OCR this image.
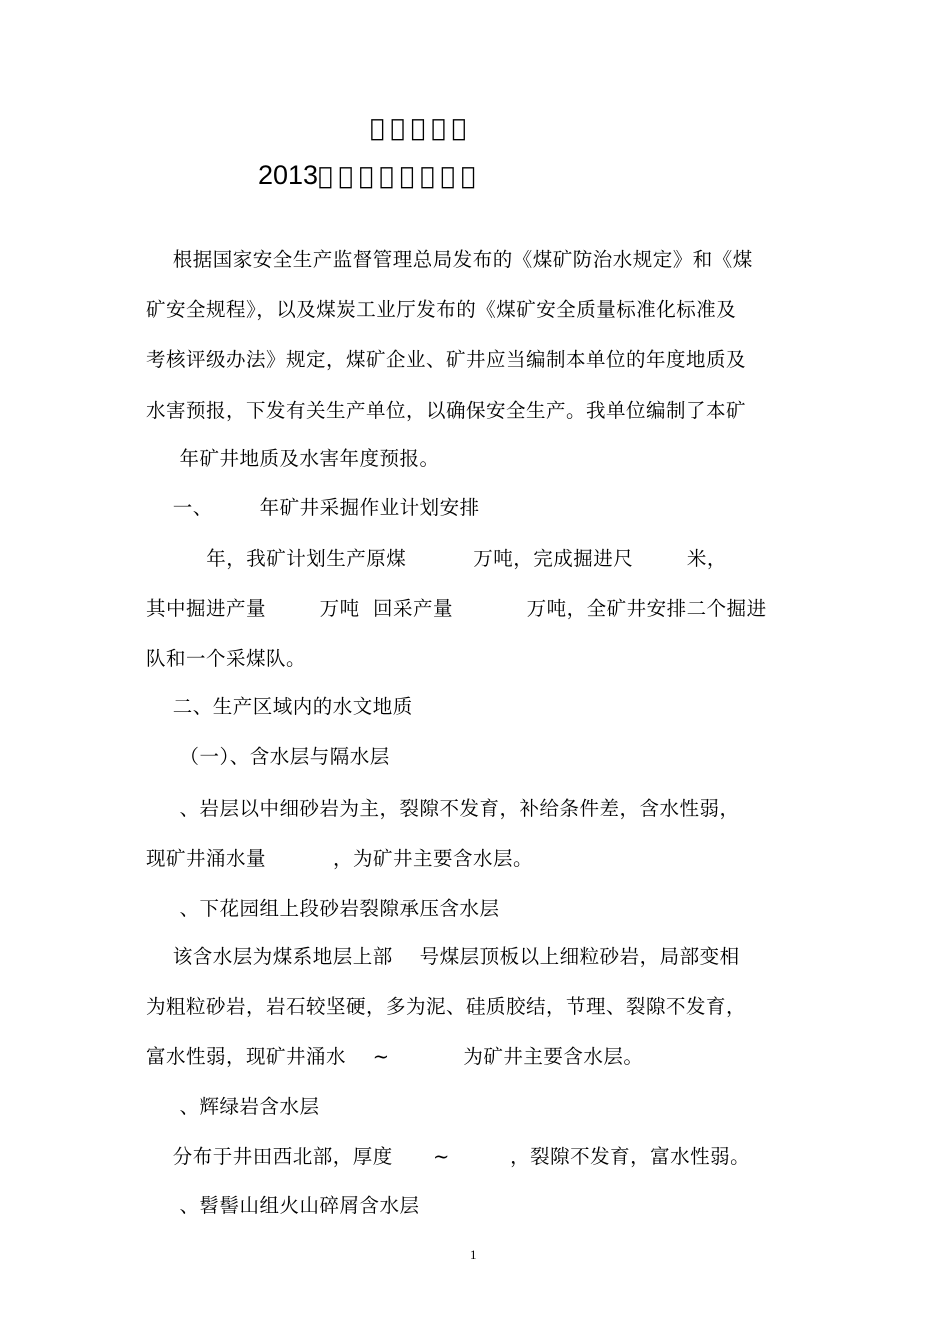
􀀀􀀀􀀀􀀀􀀀
2013􀀀􀀀􀀀􀀀􀀀􀀀􀀀􀀀
根据国家安全生产监督管理总局发布的《煤矿防治水规定》和《煤
矿安全规程》，以及煤炭工业厅发布的《煤矿安全质量标准化标准及
考核评级办法》规定，煤矿企业、矿井应当编制本单位的年度地质及
水害预报，下发有关生产单位，以确保安全生产。我单位编制了本矿
年矿井地质及水害年度预报。
一、       年矿井采掘作业计划安排
年，我矿计划生产原煤          万吨，完成掘进尺        米，
其中掘进产量        万吨  回采产量           万吨，全矿井安排二个掘进
队和一个采煤队。
二、生产区域内的水文地质
（一）、含水层与隔水层
、岩层以中细砂岩为主，裂隙不发育，补给条件差，含水性弱，
现矿井涌水量          ，为矿井主要含水层。
、下花园组上段砂岩裂隙承压含水层
该含水层为煤系地层上部    号煤层顶板以上细粒砂岩，局部变相
为粗粒砂岩，岩石较坚硬，多为泥、硅质胶结，节理、裂隙不发育，
富水性弱，现矿井涌水    ~           为矿井主要含水层。
、辉绿岩含水层
分布于井田西北部，厚度      ~         ，裂隙不发育，富水性弱。
、髫髻山组火山碎屑含水层
1
